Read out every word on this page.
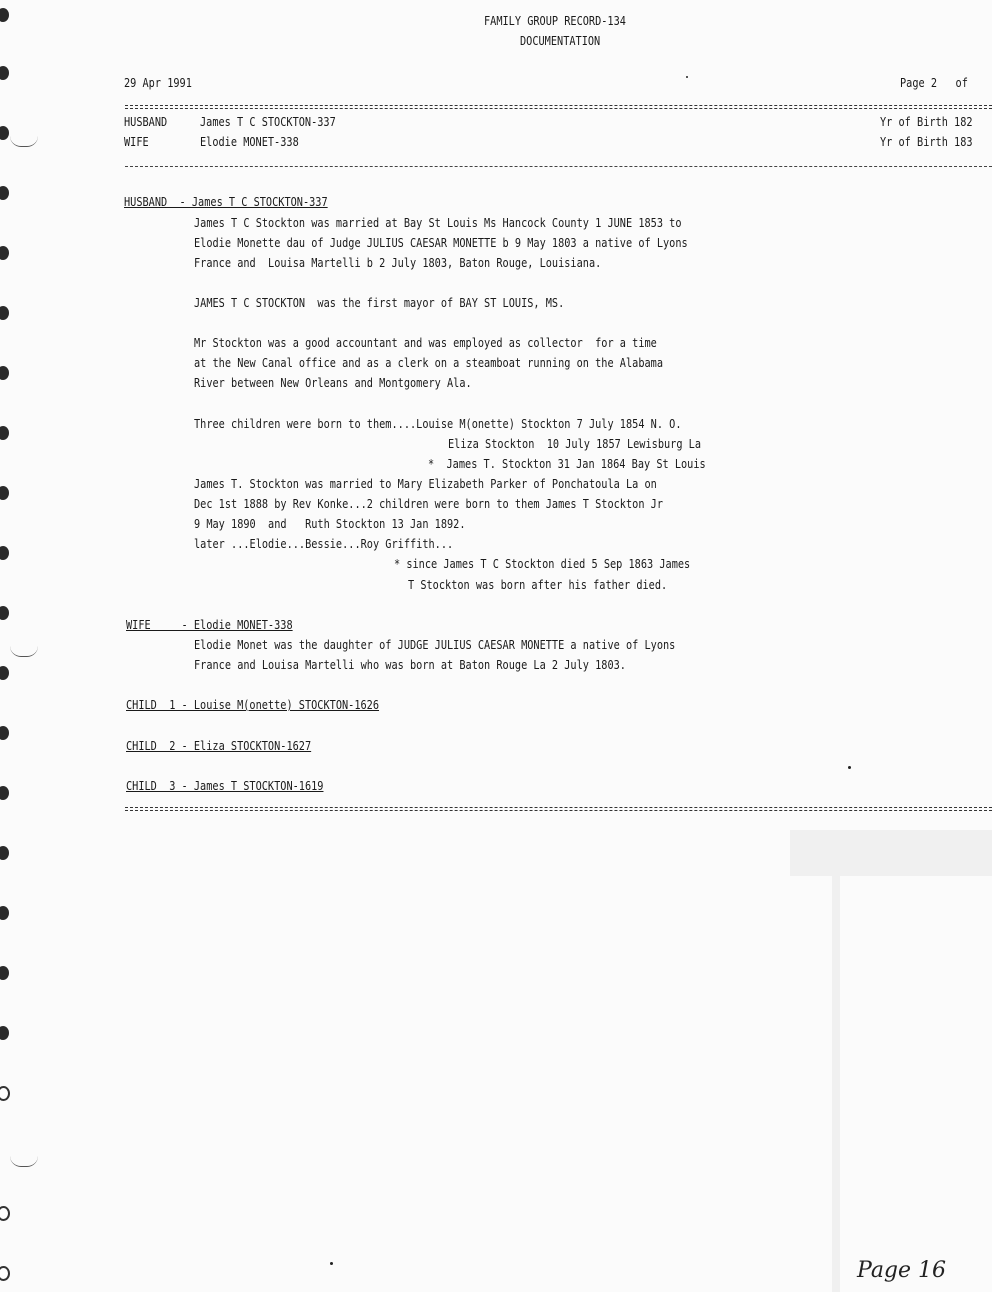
FAMILY GROUP RECORD-134
DOCUMENTATION
29 Apr 1991	Page 2   of
HUSBAND	James T C STOCKTON-337	Yr of Birth 182
WIFE	Elodie MONET-338	Yr of Birth 183
HUSBAND  - James T C STOCKTON-337
James T C Stockton was married at Bay St Louis Ms Hancock County 1 JUNE 1853 to
Elodie Monette dau of Judge JULIUS CAESAR MONETTE b 9 May 1803 a native of Lyons
France and  Louisa Martelli b 2 July 1803, Baton Rouge, Louisiana.
JAMES T C STOCKTON  was the first mayor of BAY ST LOUIS, MS.
Mr Stockton was a good accountant and was employed as collector  for a time
at the New Canal office and as a clerk on a steamboat running on the Alabama
River between New Orleans and Montgomery Ala.
Three children were born to them....Louise M(onette) Stockton 7 July 1854 N. O.
Eliza Stockton  10 July 1857 Lewisburg La
*  James T. Stockton 31 Jan 1864 Bay St Louis
James T. Stockton was married to Mary Elizabeth Parker of Ponchatoula La on
Dec 1st 1888 by Rev Konke...2 children were born to them James T Stockton Jr
9 May 1890  and   Ruth Stockton 13 Jan 1892.
later ...Elodie...Bessie...Roy Griffith...
* since James T C Stockton died 5 Sep 1863 James
T Stockton was born after his father died.
WIFE     - Elodie MONET-338
Elodie Monet was the daughter of JUDGE JULIUS CAESAR MONETTE a native of Lyons
France and Louisa Martelli who was born at Baton Rouge La 2 July 1803.
CHILD  1 - Louise M(onette) STOCKTON-1626
CHILD  2 - Eliza STOCKTON-1627
CHILD  3 - James T STOCKTON-1619
Page 16
